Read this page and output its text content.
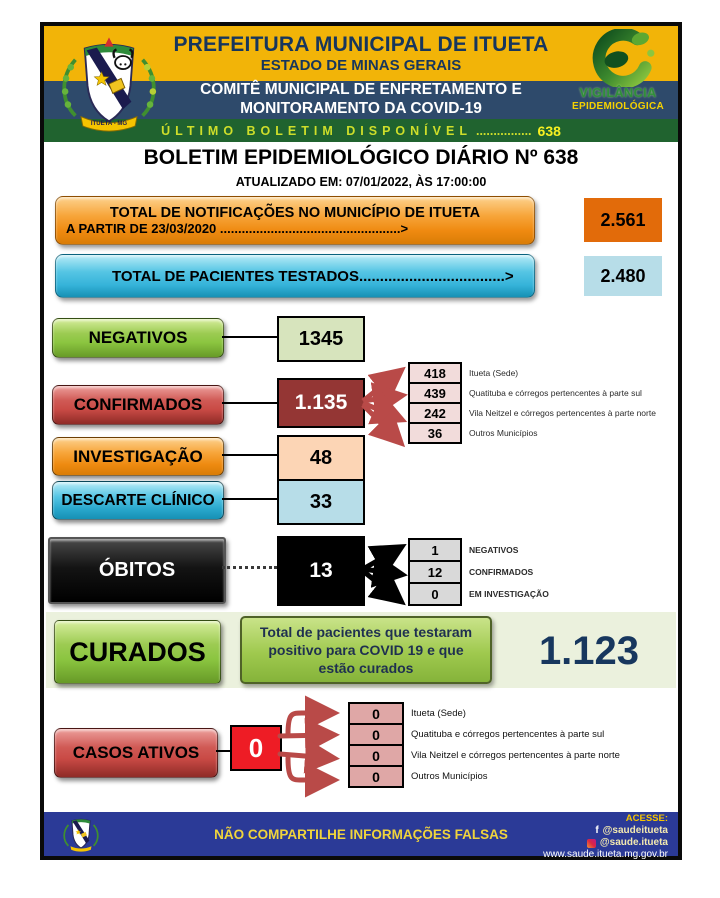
PREFEITURA MUNICIPAL DE ITUETA
ESTADO DE MINAS GERAIS
COMITÊ MUNICIPAL DE ENFRETAMENTO E
MONITORAMENTO DA COVID-19
ÚLTIMO BOLETIM DISPONÍVEL ................ 638
ITUETA - MG
VIGILÂNCIA
EPIDEMIOLÓGICA
BOLETIM EPIDEMIOLÓGICO DIÁRIO Nº 638
ATUALIZADO EM: 07/01/2022, ÀS 17:00:00
TOTAL DE NOTIFICAÇÕES NO MUNICÍPIO DE ITUETA
A PARTIR DE 23/03/2020 ..................................................>	2.561
TOTAL DE PACIENTES TESTADOS...................................>	2.480
NEGATIVOS	1345
CONFIRMADOS	1.135
418	Itueta (Sede)
439	Quatituba e córregos pertencentes à parte sul
242	Vila Neitzel e córregos pertencentes à parte norte
36	Outros Municípios
INVESTIGAÇÃO	48
DESCARTE CLÍNICO	33
ÓBITOS	13
1	NEGATIVOS
12	CONFIRMADOS
0	EM INVESTIGAÇÃO
CURADOS
Total de pacientes que testaram positivo para COVID 19 e que estão curados	1.123
CASOS ATIVOS	0
0	Itueta (Sede)
0	Quatituba e córregos pertencentes à parte sul
0	Vila Neitzel e córregos pertencentes à parte norte
0	Outros Municípios
NÃO COMPARTILHE INFORMAÇÕES FALSAS
ACESSE:
f @saudeitueta
@saude.itueta
www.saude.itueta.mg.gov.br
